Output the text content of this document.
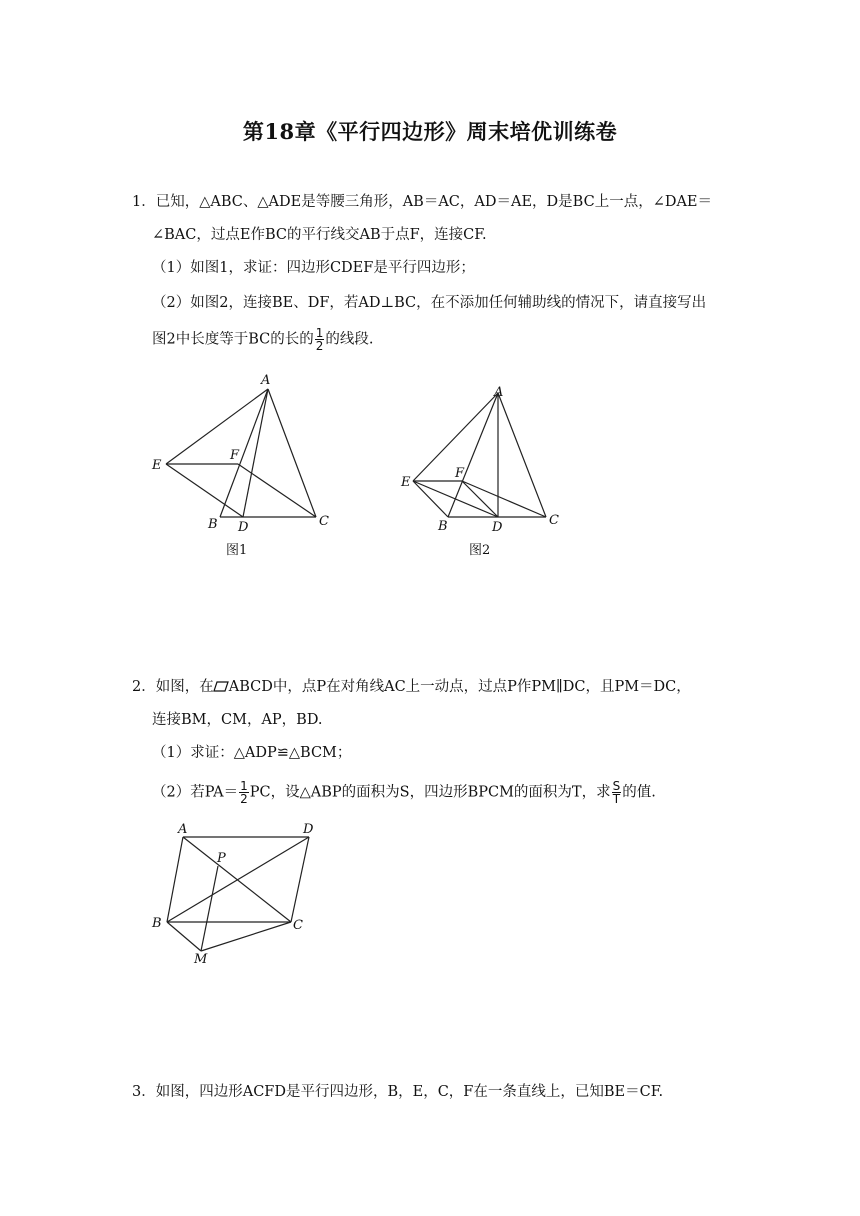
第18章《平行四边形》周末培优训练卷
1．已知，△ABC、△ADE是等腰三角形，AB＝AC，AD＝AE，D是BC上一点，∠DAE＝
∠BAC，过点E作BC的平行线交AB于点F，连接CF.
（1）如图1，求证：四边形CDEF是平行四边形；
（2）如图2，连接BE、DF，若AD⊥BC，在不添加任何辅助线的情况下，请直接写出
图2中长度等于BC的长的 $\frac{1}{2}$ 的线段.
A
E
F
B D	C
图1
A
E
F
B	D	C
图2
A	D
P
B	C
M
2．如图，在 ABCD中，点P在对角线AC上一动点，过点P作PM∥DC，且PM＝DC，
连接BM，CM，AP，BD.
（1）求证：△ADP≌△BCM；
（2）若$PA= \frac{1}{2}$ PC，设△ABP的面积为S，四边形BPCM的面积为T，求 $\frac{S}{T}$ 的值.
3．如图，四边形ACFD是平行四边形，B，E，C，F在一条直线上，已知BE＝CF.
